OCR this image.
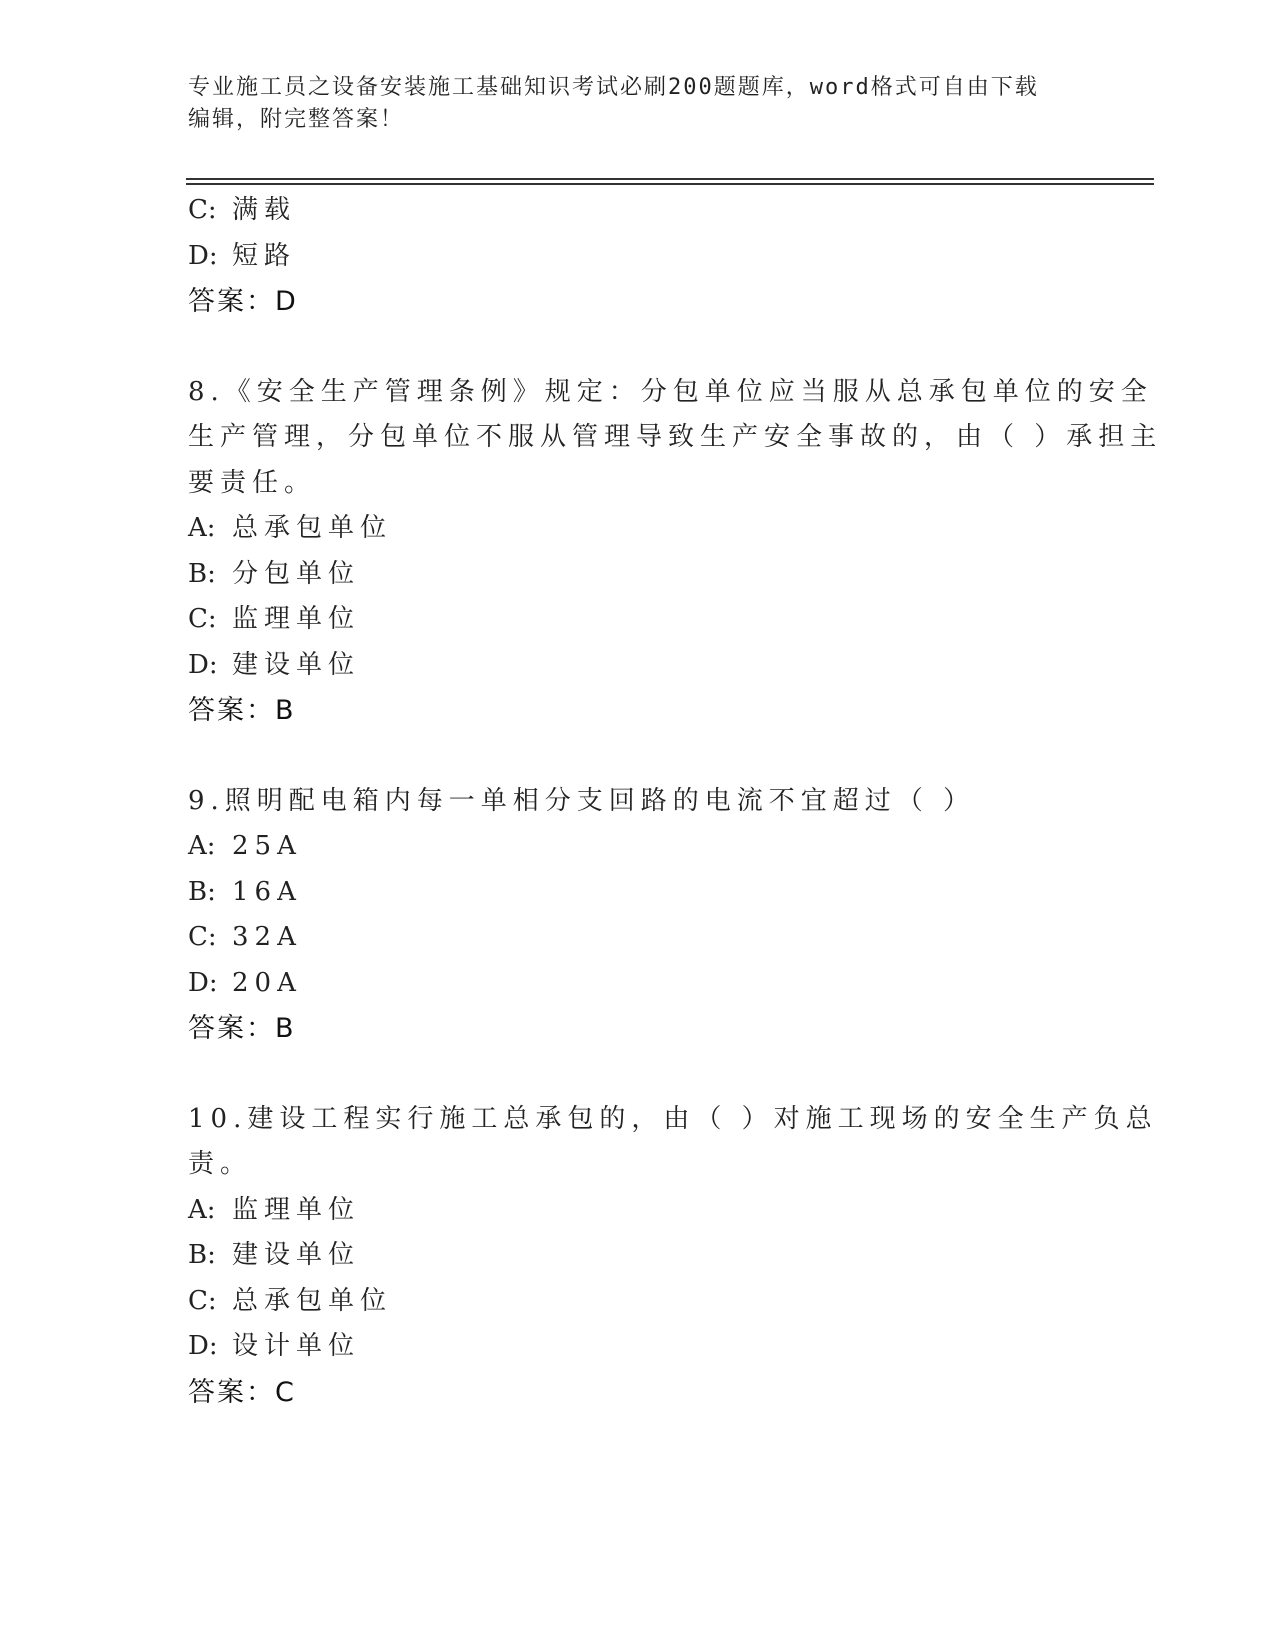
专业施工员之设备安装施工基础知识考试必刷200题题库，word格式可自由下载
编辑，附完整答案！
C: 满载
D: 短路
答案：D
8.《安全生产管理条例》规定：分包单位应当服从总承包单位的安全
生产管理，分包单位不服从管理导致生产安全事故的，由（ ）承担主
要责任。
A: 总承包单位
B: 分包单位
C: 监理单位
D: 建设单位
答案：B
9.照明配电箱内每一单相分支回路的电流不宜超过（ ）
A: 25A
B: 16A
C: 32A
D: 20A
答案：B
10.建设工程实行施工总承包的，由（ ）对施工现场的安全生产负总
责。
A: 监理单位
B: 建设单位
C: 总承包单位
D: 设计单位
答案：C
